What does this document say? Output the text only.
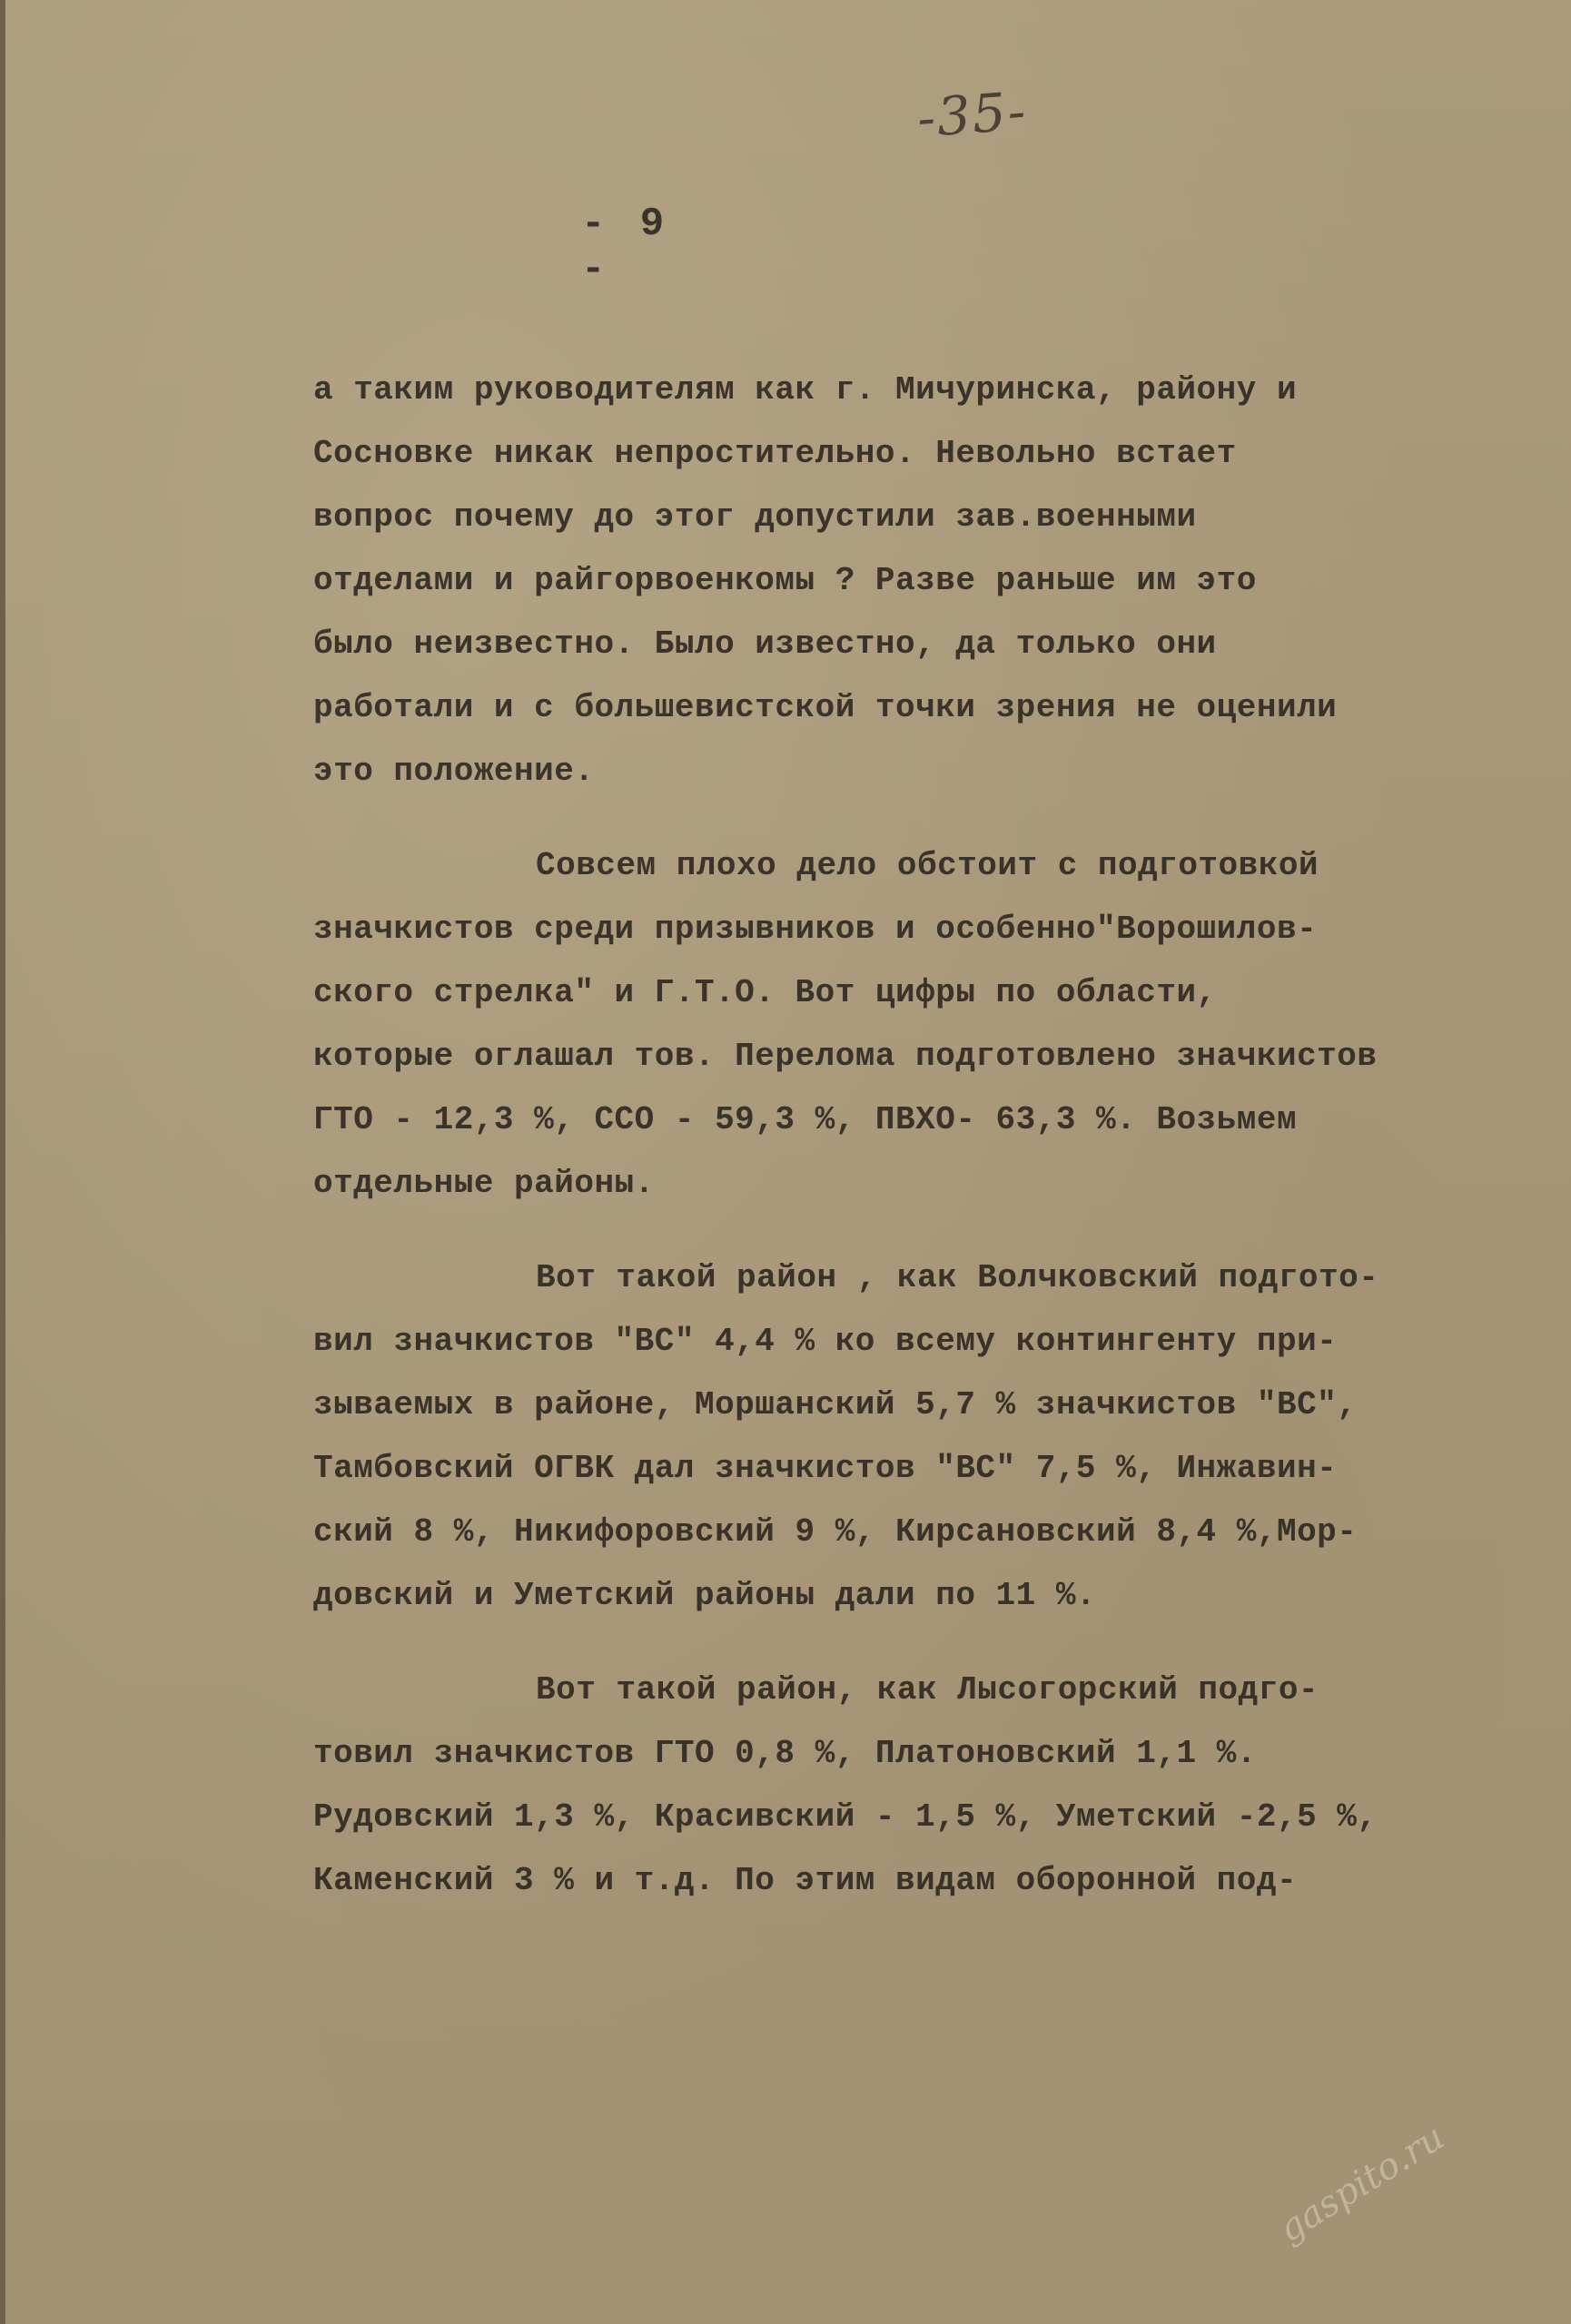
-35-
- 9 -
а таким руководителям как г. Мичуринска, району и
Сосновке никак непростительно. Невольно встает
вопрос почему до этог допустили зав.военными
отделами и райгорвоенкомы ? Разве раньше им это
было неизвестно. Было известно, да только они
работали и с большевистской точки зрения не оценили
это положение.
Совсем плохо дело обстоит с подготовкой
значкистов среди призывников и особенно"Ворошилов-
ского стрелка" и Г.Т.О. Вот цифры по области,
которые оглашал тов. Перелома подготовлено значкистов
ГТО - 12,3 %, ССО - 59,3 %, ПВХО- 63,3 %. Возьмем
отдельные районы.
Вот такой район , как Волчковский подгото-
вил значкистов "ВС" 4,4 % ко всему контингенту при-
зываемых в районе, Моршанский 5,7 % значкистов "ВС",
Тамбовский ОГВК дал значкистов "ВС" 7,5 %, Инжавин-
ский 8 %, Никифоровский 9 %, Кирсановский 8,4 %,Мор-
довский и Уметский районы дали по 11 %.
Вот такой район, как Лысогорский подго-
товил значкистов ГТО 0,8 %, Платоновский 1,1 %.
Рудовский 1,3 %, Красивский - 1,5 %, Уметский -2,5 %,
Каменский 3 % и т.д. По этим видам оборонной под-
gaspito.ru
